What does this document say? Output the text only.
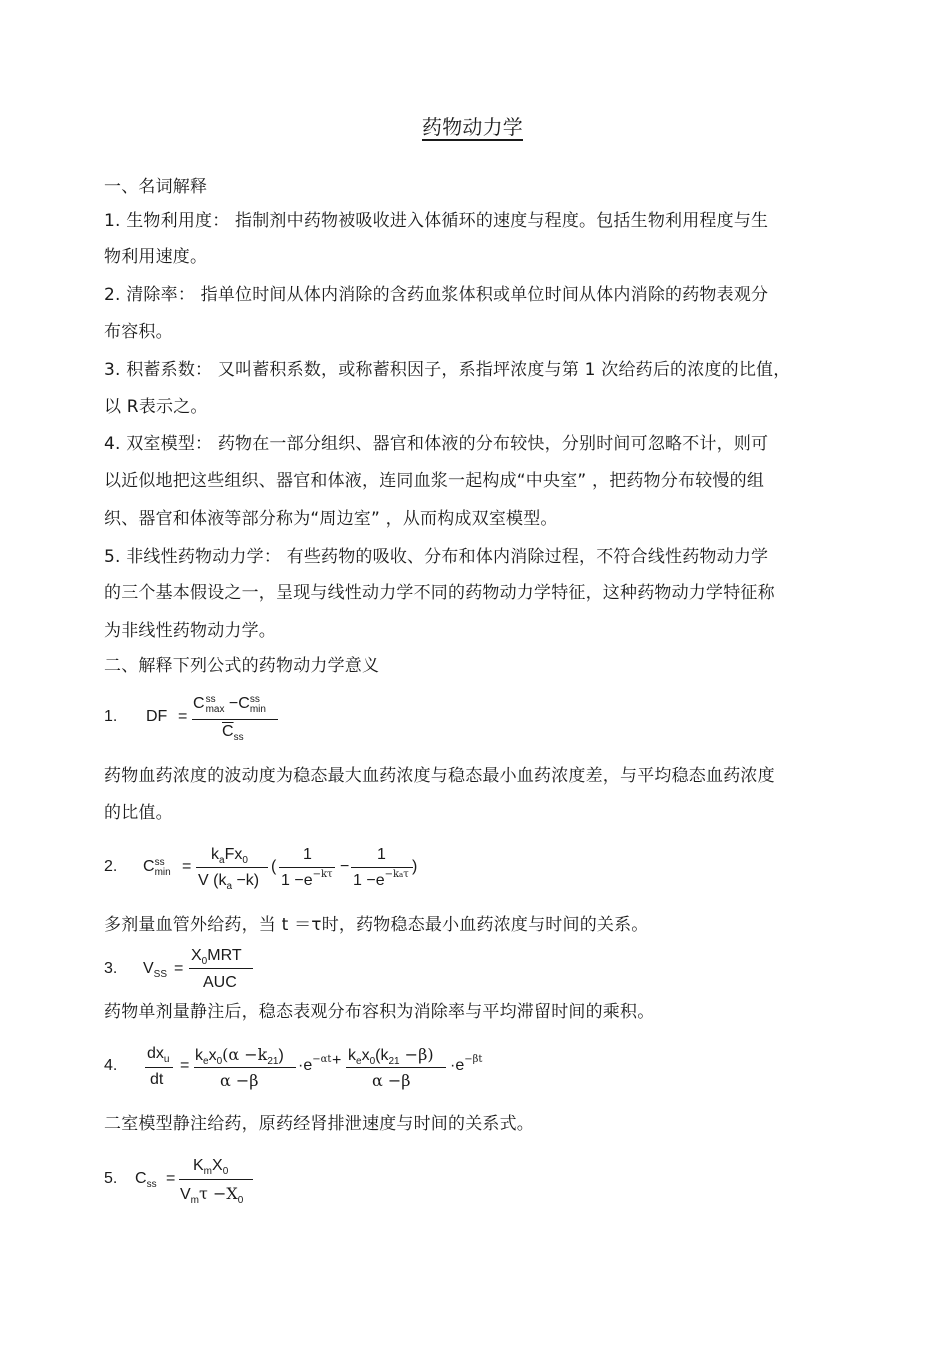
药物动力学
一、名词解释
1. 生物利用度： 指制剂中药物被吸收进入体循环的速度与程度。包括生物利用程度与生
物利用速度。
2. 清除率： 指单位时间从体内消除的含药血浆体积或单位时间从体内消除的药物表观分
布容积。
3. 积蓄系数： 又叫蓄积系数，或称蓄积因子，系指坪浓度与第 1 次给药后的浓度的比值，
以 R表示之。
4. 双室模型： 药物在一部分组织、器官和体液的分布较快，分别时间可忽略不计，则可
以近似地把这些组织、器官和体液，连同血浆一起构成“中央室” ，把药物分布较慢的组
织、器官和体液等部分称为“周边室” ，从而构成双室模型。
5. 非线性药物动力学： 有些药物的吸收、分布和体内消除过程，不符合线性药物动力学
的三个基本假设之一，呈现与线性动力学不同的药物动力学特征，这种药物动力学特征称
为非线性药物动力学。
二、解释下列公式的药物动力学意义
1. DF =
C ss
max −C ss
min
$\overline{C}_{ss}$
药物血药浓度的波动度为稳态最大血药浓度与稳态最小血药浓度差，与平均稳态血药浓度
的比值。
2. C ss
min =
$k_aFx_0$
V $(k_a -k)$
(
1
$1 -e^{-k\tau}$ −
1
$1 -e^{-ka\tau}$ )
多剂量血管外给药，当 t ＝τ时，药物稳态最小血药浓度与时间的关系。
3. $V_{SS}$ =
$X_0MRT$
AUC
药物单剂量静注后，稳态表观分布容积为消除率与平均滞留时间的乘积。
4.
$dx_u$
dt
=
$k_ex_0(\alpha -k_{21})$
α −β
$\cdot e^{-\alpha t} + k_ex_0(k_{21} -\beta)$
α −β
$\cdot e^{-\beta t}$
二室模型静注给药，原药经肾排泄速度与时间的关系式。
5. $C_{ss}$ =
$K_mX_0$
$V_m\tau -X_0$
